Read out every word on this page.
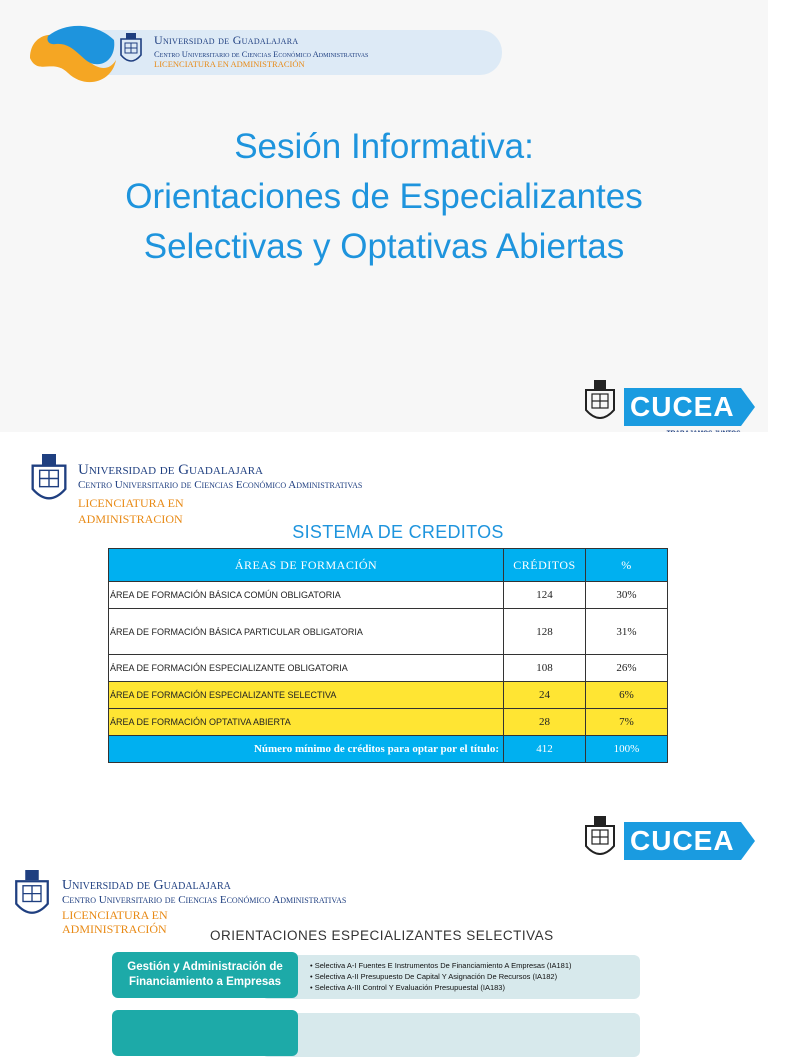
Universidad de Guadalajara
Centro Universitario de Ciencias Económico Administrativas
LICENCIATURA EN ADMINISTRACIÓN
Sesión Informativa:
Orientaciones de Especializantes
Selectivas y Optativas Abiertas
CUCEA
Universidad de Guadalajara
Centro Universitario de Ciencias Económico Administrativas
LICENCIATURA EN
ADMINISTRACION
SISTEMA DE CREDITOS
ÁREAS DE FORMACIÓN	CRÉDITOS	%
ÁREA DE FORMACIÓN BÁSICA COMÚN OBLIGATORIA	124	30%
ÁREA DE FORMACIÓN BÁSICA PARTICULAR OBLIGATORIA	128	31%
ÁREA DE FORMACIÓN ESPECIALIZANTE OBLIGATORIA	108	26%
ÁREA DE FORMACIÓN ESPECIALIZANTE SELECTIVA	24	6%
ÁREA DE FORMACIÓN OPTATIVA ABIERTA	28	7%
Número mínimo de créditos para optar por el título:	412	100%
CUCEA
Universidad de Guadalajara
Centro Universitario de Ciencias Económico Administrativas
LICENCIATURA EN
ADMINISTRACIÓN	ORIENTACIONES ESPECIALIZANTES SELECTIVAS
Gestión y Administración de Financiamiento a Empresas
• Selectiva A-I Fuentes E Instrumentos De Financiamiento A Empresas (IA181)
• Selectiva A-II Presupuesto De Capital Y Asignación De Recursos (IA182)
• Selectiva A-III Control Y Evaluación Presupuestal (IA183)
